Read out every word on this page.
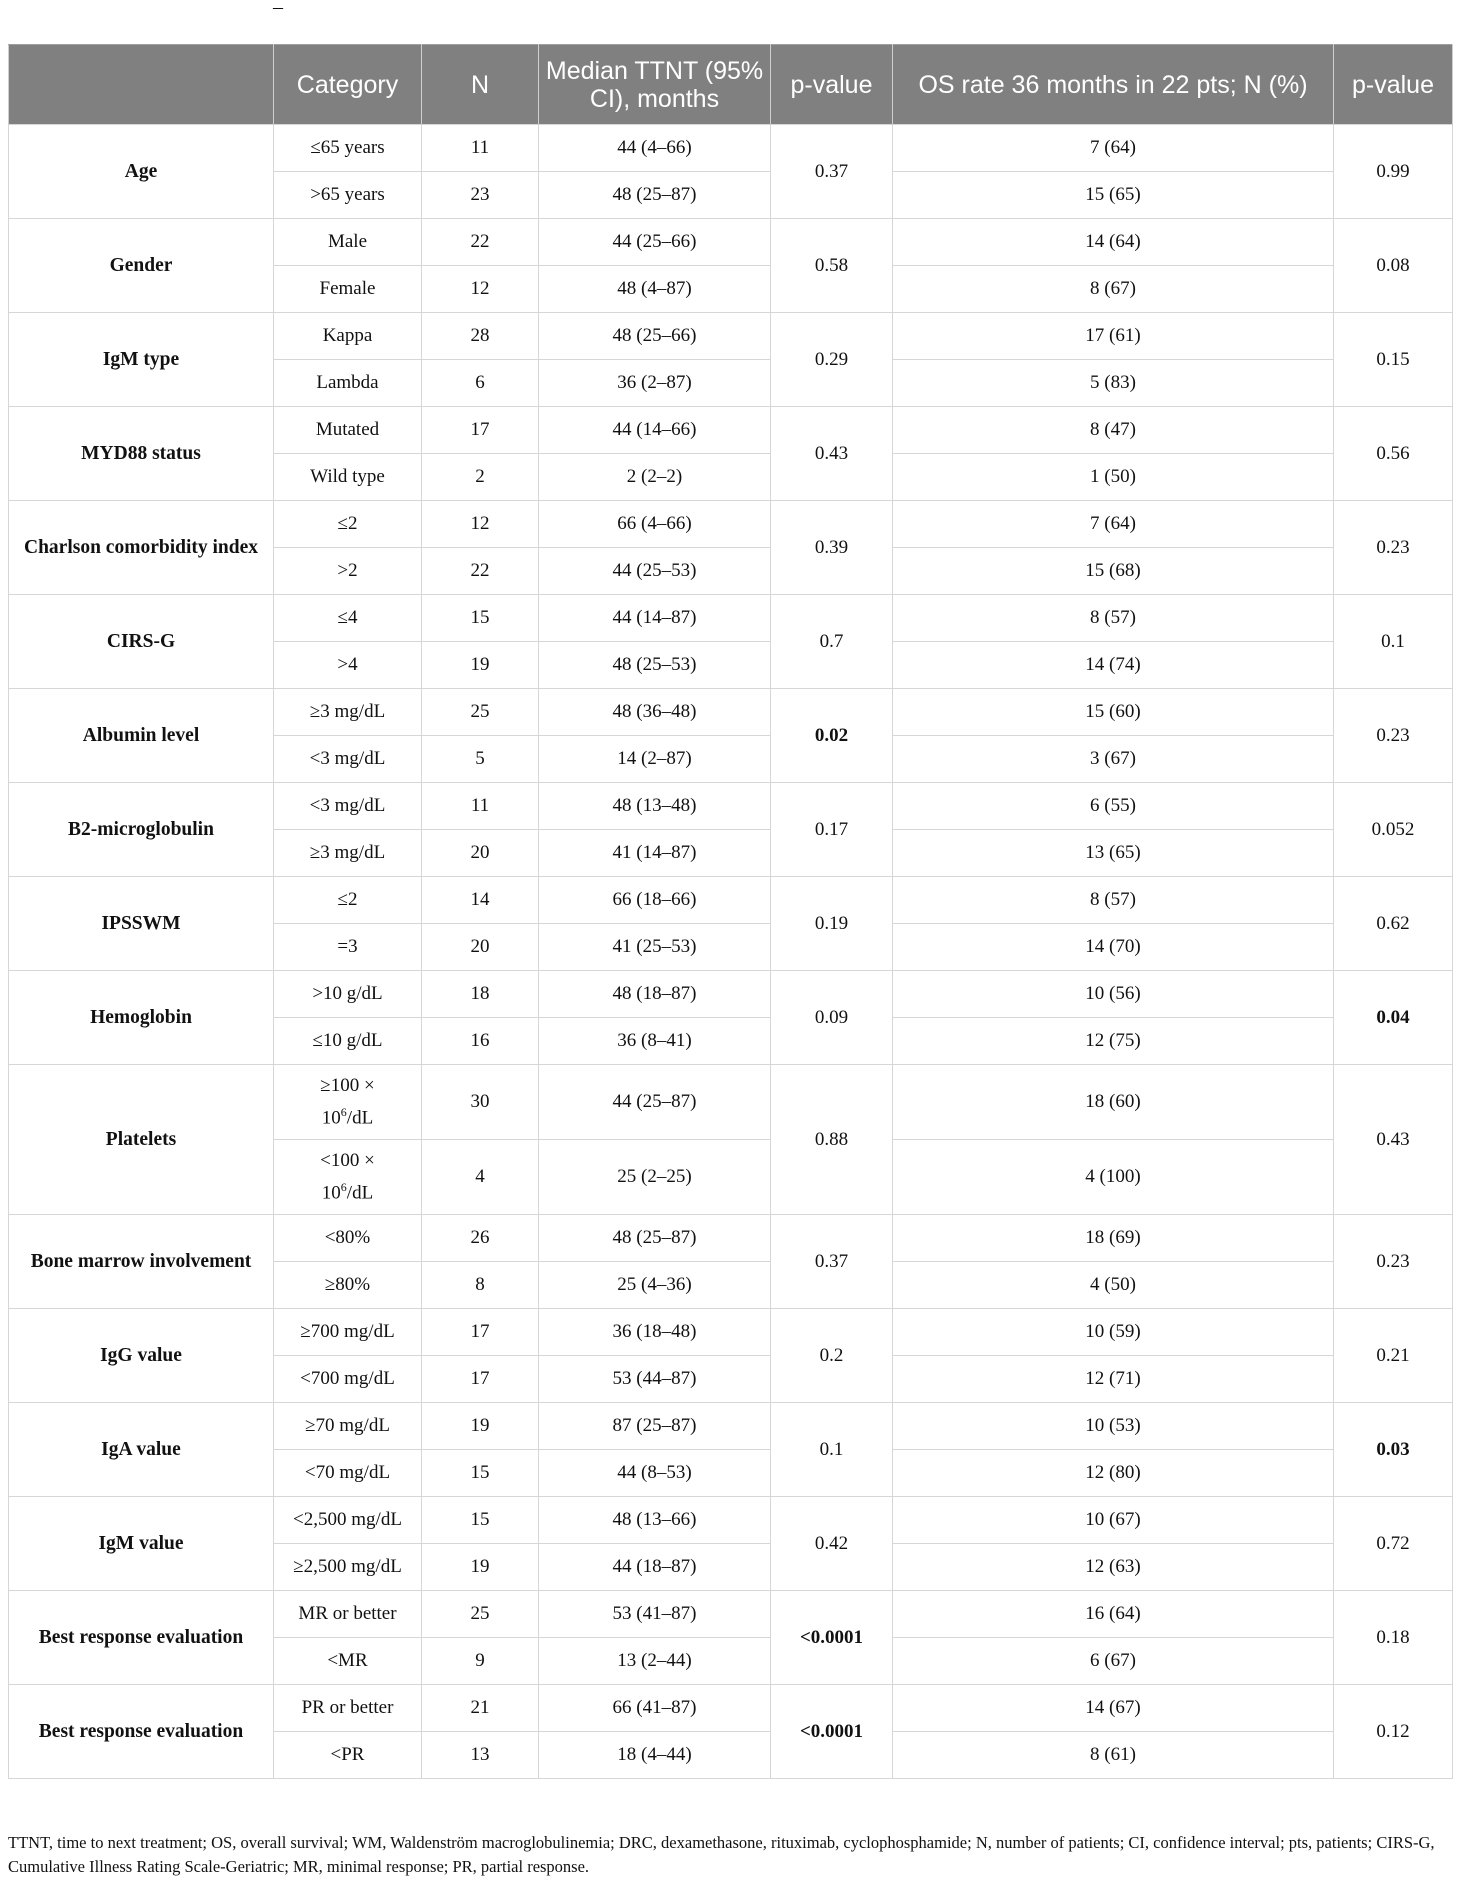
–
	Category	N	Median TTNT (95% CI), months	p-value	OS rate 36 months in 22 pts; N (%)	p-value
Age	≤65 years	11	44 (4–66)	0.37	7 (64)	0.99
	>65 years	23	48 (25–87)		15 (65)	
Gender	Male	22	44 (25–66)	0.58	14 (64)	0.08
	Female	12	48 (4–87)		8 (67)	
IgM type	Kappa	28	48 (25–66)	0.29	17 (61)	0.15
	Lambda	6	36 (2–87)		5 (83)	
MYD88 status	Mutated	17	44 (14–66)	0.43	8 (47)	0.56
	Wild type	2	2 (2–2)		1 (50)	
Charlson comorbidity index	≤2	12	66 (4–66)	0.39	7 (64)	0.23
	>2	22	44 (25–53)		15 (68)	
CIRS-G	≤4	15	44 (14–87)	0.7	8 (57)	0.1
	>4	19	48 (25–53)		14 (74)	
Albumin level	≥3 mg/dL	25	48 (36–48)	0.02	15 (60)	0.23
	<3 mg/dL	5	14 (2–87)		3 (67)	
B2-microglobulin	<3 mg/dL	11	48 (13–48)	0.17	6 (55)	0.052
	≥3 mg/dL	20	41 (14–87)		13 (65)	
IPSSWM	≤2	14	66 (18–66)	0.19	8 (57)	0.62
	=3	20	41 (25–53)		14 (70)	
Hemoglobin	>10 g/dL	18	48 (18–87)	0.09	10 (56)	0.04
	≤10 g/dL	16	36 (8–41)		12 (75)	
Platelets	≥100 ×
$10^6/dL$	30	44 (25–87)	0.88	18 (60)	0.43
	<100 ×
$10^6/dL$	4	25 (2–25)		4 (100)	
Bone marrow involvement	<80%	26	48 (25–87)	0.37	18 (69)	0.23
	≥80%	8	25 (4–36)		4 (50)	
IgG value	≥700 mg/dL	17	36 (18–48)	0.2	10 (59)	0.21
	<700 mg/dL	17	53 (44–87)		12 (71)	
IgA value	≥70 mg/dL	19	87 (25–87)	0.1	10 (53)	0.03
	<70 mg/dL	15	44 (8–53)		12 (80)	
IgM value	<2,500 mg/dL	15	48 (13–66)	0.42	10 (67)	0.72
	≥2,500 mg/dL	19	44 (18–87)		12 (63)	
Best response evaluation	MR or better	25	53 (41–87)	<0.0001	16 (64)	0.18
	<MR	9	13 (2–44)		6 (67)	
Best response evaluation	PR or better	21	66 (41–87)	<0.0001	14 (67)	0.12
	<PR	13	18 (4–44)		8 (61)	
TTNT, time to next treatment; OS, overall survival; WM, Waldenström macroglobulinemia; DRC, dexamethasone, rituximab, cyclophosphamide; N, number of patients; CI, confidence interval; pts, patients; CIRS-G, Cumulative Illness Rating Scale-Geriatric; MR, minimal response; PR, partial response.
